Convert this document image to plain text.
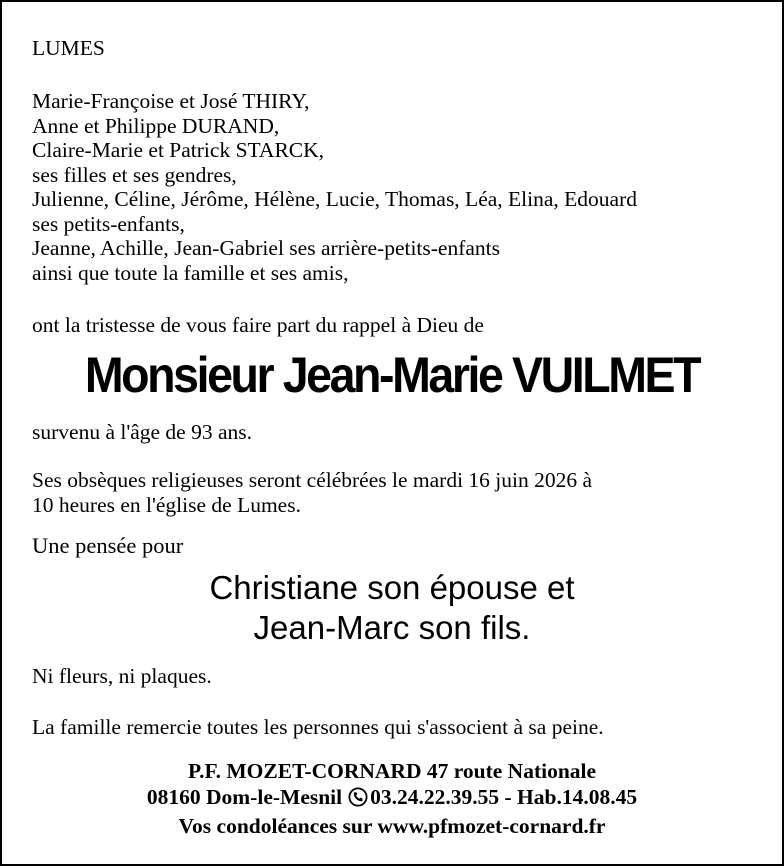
LUMES
Marie-Françoise et José THIRY,
Anne et Philippe DURAND,
Claire-Marie et Patrick STARCK,
ses filles et ses gendres,
Julienne, Céline, Jérôme, Hélène, Lucie, Thomas, Léa, Elina, Edouard
ses petits-enfants,
Jeanne, Achille, Jean-Gabriel ses arrière-petits-enfants
ainsi que toute la famille et ses amis,
ont la tristesse de vous faire part du rappel à Dieu de
Monsieur Jean-Marie VUILMET
survenu à l'âge de 93 ans.
Ses obsèques religieuses seront célébrées le mardi 16 juin 2026 à
10 heures en l'église de Lumes.
Une pensée pour
Christiane son épouse et
Jean-Marc son fils.
Ni fleurs, ni plaques.
La famille remercie toutes les personnes qui s'associent à sa peine.
P.F. MOZET-CORNARD 47 route Nationale
08160 Dom-le-Mesnil 03.24.22.39.55 - Hab.14.08.45
Vos condoléances sur www.pfmozet-cornard.fr
